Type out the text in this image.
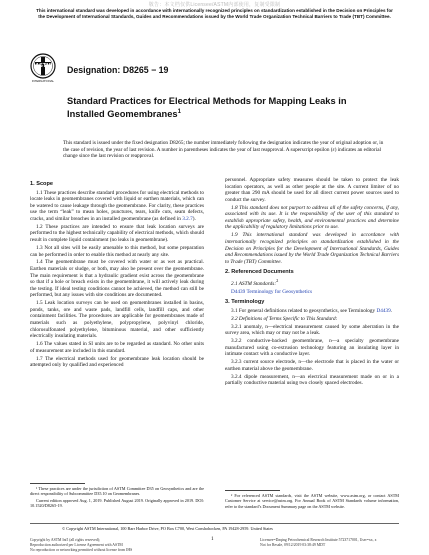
敬告：本文档仅供Licensee/ASTM内部使用，复制受限制
This international standard was developed in accordance with internationally recognized principles on standardization established in the Decision on Principles for the Development of International Standards, Guides and Recommendations issued by the World Trade Organization Technical Barriers to Trade (TBT) Committee.
ASTM
INTERNATIONAL
Designation: D8265 − 19
Standard Practices for Electrical Methods for Mapping Leaks in Installed Geomembranes$^1$
This standard is issued under the fixed designation D8265; the number immediately following the designation indicates the year of original adoption or, in the case of revision, the year of last revision. A number in parentheses indicates the year of last reapproval. A superscript epsilon (ε) indicates an editorial change since the last revision or reapproval.
1. Scope

1.1 These practices describe standard procedures for using electrical methods to locate leaks in geomembranes covered with liquid or earthen materials, which can be watered to cause leakage through the geomembrane. For clarity, these practices use the term “leak” to mean holes, punctures, tears, knife cuts, seam defects, cracks, and similar breaches in an installed geomembrane (as defined in 3.2.7).

1.2 These practices are intended to ensure that leak location surveys are performed to the highest technically capability of electrical methods, which should result in complete liquid containment (no leaks in geomembrane).

1.3 Not all sites will be easily amenable to this method, but some preparation can be performed in order to enable this method at nearly any site.

1.4 The geomembrane must be covered with water or as wet as practical. Earthen materials or sludge, or both, may also be present over the geomembrane. The main requirement is that a hydraulic gradient exist across the geomembrane so that if a hole or breach exists in the geomembrane, it will actively leak during the testing. If ideal testing conditions cannot be achieved, the method can still be performed, but any issues with site conditions are documented.

1.5 Leak location surveys can be used on geomembranes installed in basins, ponds, tanks, ore and waste pads, landfill cells, landfill caps, and other containment facilities. The procedures are applicable for geomembranes made of materials such as polyethylene, polypropylene, polyvinyl chloride, chlorosulfonated polyethylene, bituminous material, and other sufficiently electrically insulating materials.

1.6 The values stated in SI units are to be regarded as standard. No other units of measurement are included in this standard.

1.7 The electrical methods used for geomembrane leak location should be attempted only by qualified and experienced

¹ These practices are under the jurisdiction of ASTM Committee D35 on Geosynthetics and are the direct responsibility of Subcommittee D35.10 on Geomembranes.

Current edition approved Aug. 1, 2019. Published August 2019. Originally approved in 2019. DOI: 10.1520/D8265-19.

personnel. Appropriate safety measures should be taken to protect the leak location operators, as well as other people at the site. A current limiter of no greater than 290 mA should be used for all direct current power sources used to conduct the survey.

1.8 This standard does not purport to address all of the safety concerns, if any, associated with its use. It is the responsibility of the user of this standard to establish appropriate safety, health, and environmental practices and determine the applicability of regulatory limitations prior to use.

1.9 This international standard was developed in accordance with internationally recognized principles on standardization established in the Decision on Principles for the Development of International Standards, Guides and Recommendations issued by the World Trade Organization Technical Barriers to Trade (TBT) Committee.

2. Referenced Documents

2.1 ASTM Standards:$^2$

D4439 Terminology for Geosynthetics

3. Terminology

3.1 For general definitions related to geosynthetics, see Terminology D4439.

3.2 Definitions of Terms Specific to This Standard:

3.2.1 anomaly, n—electrical measurement caused by some aberration in the survey area, which may or may not be a leak.

3.2.2 conductive-backed geomembrane, n—a specialty geomembrane manufactured using co-extrusion technology featuring an insulating layer in intimate contact with a conductive layer.

3.2.3 current source electrode, n—the electrode that is placed in the water or earthen material above the geomembrane.

3.2.4 dipole measurement, n—an electrical measurement made on or in a partially conductive material using two closely spaced electrodes.

² For referenced ASTM standards, visit the ASTM website, www.astm.org, or contact ASTM Customer Service at service@astm.org. For Annual Book of ASTM Standards volume information, refer to the standard’s Document Summary page on the ASTM website.

© Copyright ASTM International, 100 Barr Harbor Drive, PO Box C700, West Conshohocken, PA 19428-2959. United States
1
Copyright by ASTM Int'l (all rights reserved);
Reproduction authorized per License Agreement with ASTM
No reproduction or networking permitted without license from IHS
Licensee=Daqing Petrochemical Research Institute 5723717001, User=xx, x
Not for Resale, 09/12/2019 03:38:49 MDT
